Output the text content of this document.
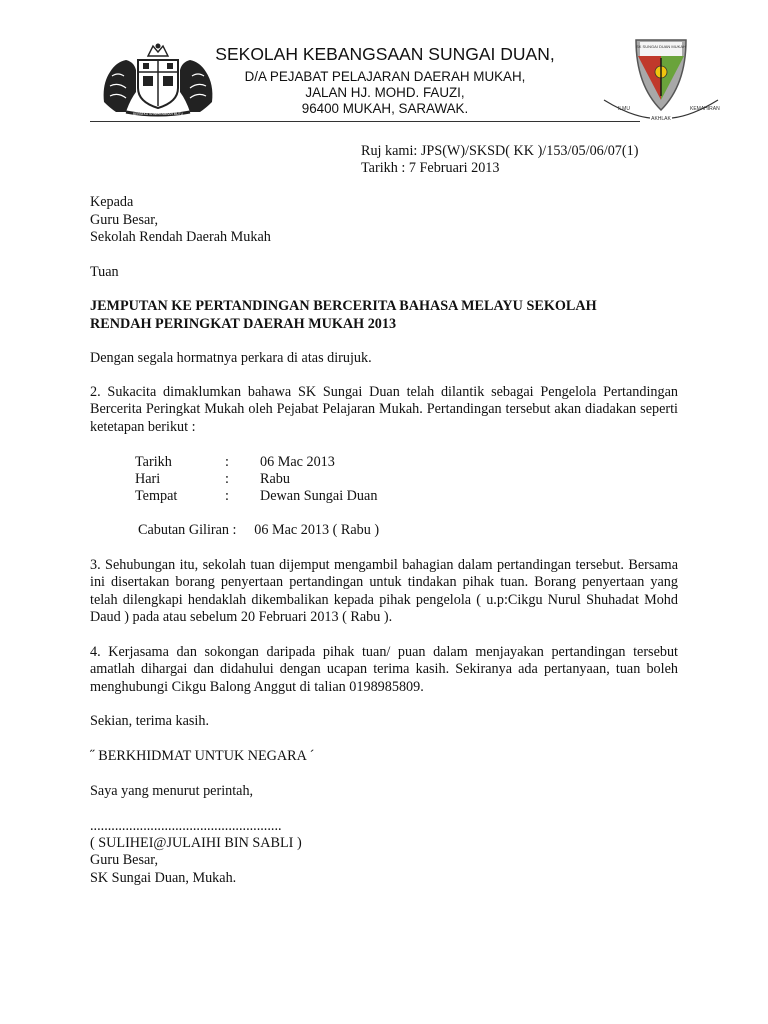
BERSEKUTU BERTAMBAH MUTU
SEKOLAH KEBANGSAAN SUNGAI DUAN,
D/A PEJABAT PELAJARAN DAERAH MUKAH,
JALAN HJ. MOHD. FAUZI,
96400 MUKAH, SARAWAK.
SK SUNGAI DUAN MUKAH
ILMU	KEMAHIRAN
AKHLAK
Ruj kami: JPS(W)/SKSD( KK )/153/05/06/07(1)
Tarikh : 7 Februari 2013
Kepada
Guru Besar,
Sekolah Rendah Daerah Mukah
Tuan
JEMPUTAN KE PERTANDINGAN BERCERITA BAHASA MELAYU SEKOLAH
RENDAH PERINGKAT DAERAH MUKAH 2013
Dengan segala hormatnya perkara di atas dirujuk.
2. Sukacita dimaklumkan bahawa SK Sungai Duan telah dilantik sebagai Pengelola Pertandingan Bercerita Peringkat Mukah oleh Pejabat Pelajaran Mukah. Pertandingan tersebut akan diadakan seperti ketetapan berikut :
Tarikh	: 06 Mac 2013
Hari	: Rabu
Tempat	: Dewan Sungai Duan
Cabutan Giliran :     06 Mac 2013 ( Rabu )
3. Sehubungan itu, sekolah tuan dijemput mengambil bahagian dalam pertandingan tersebut. Bersama ini disertakan borang penyertaan pertandingan untuk tindakan pihak tuan. Borang penyertaan yang telah dilengkapi hendaklah dikembalikan kepada pihak pengelola ( u.p:Cikgu Nurul Shuhadat Mohd Daud ) pada atau sebelum 20 Februari 2013 ( Rabu ).
4. Kerjasama dan sokongan daripada pihak tuan/ puan dalam menjayakan pertandingan tersebut amatlah dihargai dan didahului dengan ucapan terima kasih. Sekiranya ada pertanyaan, tuan boleh menghubungi Cikgu Balong Anggut di talian 0198985809.
Sekian, terima kasih.
˝ BERKHIDMAT UNTUK NEGARA ˊ
Saya yang menurut perintah,
......................................................
( SULIHEI@JULAIHI BIN SABLI )
Guru Besar,
SK Sungai Duan, Mukah.
